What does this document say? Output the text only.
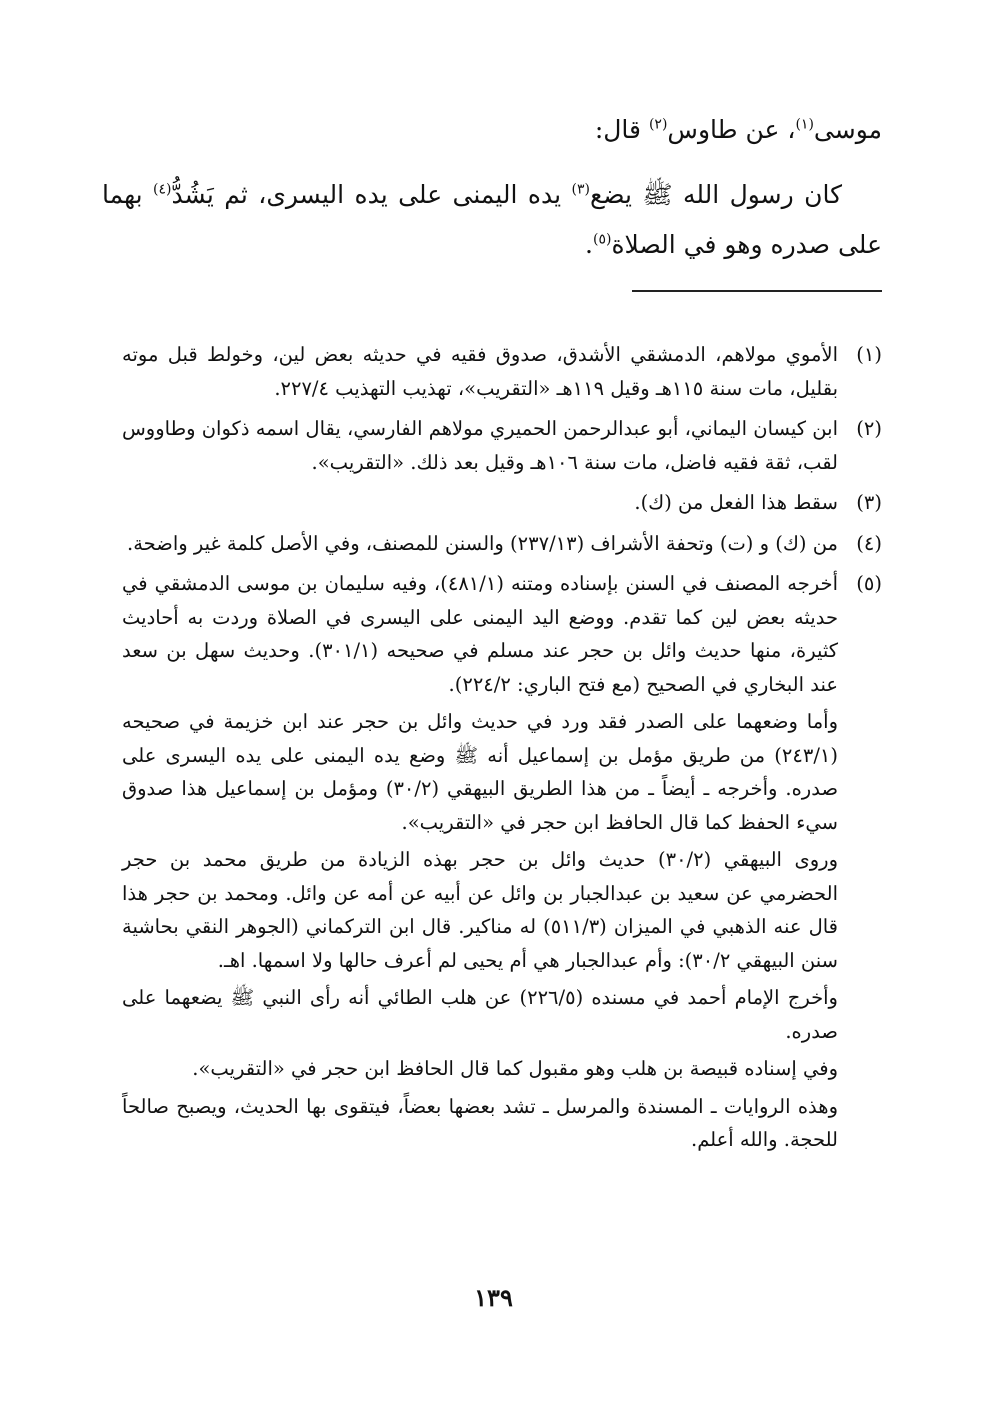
موسى$^{(١)}$، عن طاوس$^{(٢)}$ قال:
كان رسول الله ﷺ يضع$^{(٣)}$ يده اليمنى على يده اليسرى، ثم يَشُدُّ$^{(٤)}$ بهما على صدره وهو في الصلاة$^{(٥)}$.
(١)

الأموي مولاهم، الدمشقي الأشدق، صدوق فقيه في حديثه بعض لين، وخولط قبل موته بقليل، مات سنة ١١٥هـ وقيل ١١٩هـ «التقريب»، تهذيب التهذيب ٢٢٧/٤.

(٢)

ابن كيسان اليماني، أبو عبدالرحمن الحميري مولاهم الفارسي، يقال اسمه ذكوان وطاووس لقب، ثقة فقيه فاضل، مات سنة ١٠٦هـ وقيل بعد ذلك. «التقريب».

(٣)

سقط هذا الفعل من (ك).

(٤)

من (ك) و (ت) وتحفة الأشراف (٢٣٧/١٣) والسنن للمصنف، وفي الأصل كلمة غير واضحة.

(٥)

أخرجه المصنف في السنن بإسناده ومتنه (٤٨١/١)، وفيه سليمان بن موسى الدمشقي في حديثه بعض لين كما تقدم. ووضع اليد اليمنى على اليسرى في الصلاة وردت به أحاديث كثيرة، منها حديث وائل بن حجر عند مسلم في صحيحه (٣٠١/١). وحديث سهل بن سعد عند البخاري في الصحيح (مع فتح الباري: ٢٢٤/٢).

وأما وضعهما على الصدر فقد ورد في حديث وائل بن حجر عند ابن خزيمة في صحيحه (٢٤٣/١) من طريق مؤمل بن إسماعيل أنه ﷺ وضع يده اليمنى على يده اليسرى على صدره. وأخرجه ـ أيضاً ـ من هذا الطريق البيهقي (٣٠/٢) ومؤمل بن إسماعيل هذا صدوق سيء الحفظ كما قال الحافظ ابن حجر في «التقريب».

وروى البيهقي (٣٠/٢) حديث وائل بن حجر بهذه الزيادة من طريق محمد بن حجر الحضرمي عن سعيد بن عبدالجبار بن وائل عن أبيه عن أمه عن وائل. ومحمد بن حجر هذا قال عنه الذهبي في الميزان (٥١١/٣) له مناكير. قال ابن التركماني (الجوهر النقي بحاشية سنن البيهقي ٣٠/٢): وأم عبدالجبار هي أم يحيى لم أعرف حالها ولا اسمها. اهـ.

وأخرج الإمام أحمد في مسنده (٢٢٦/٥) عن هلب الطائي أنه رأى النبي ﷺ يضعهما على صدره.

وفي إسناده قبيصة بن هلب وهو مقبول كما قال الحافظ ابن حجر في «التقريب».

وهذه الروايات ـ المسندة والمرسل ـ تشد بعضها بعضاً، فيتقوى بها الحديث، ويصبح صالحاً للحجة. والله أعلم.

١٣٩
